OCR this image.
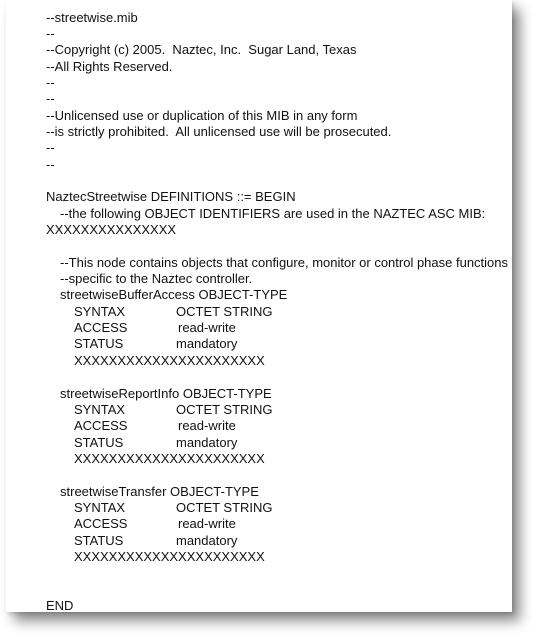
--streetwise.mib
--
--Copyright (c) 2005.  Naztec, Inc.  Sugar Land, Texas
--All Rights Reserved.
--
--
--Unlicensed use or duplication of this MIB in any form
--is strictly prohibited.  All unlicensed use will be prosecuted.
--
--
NaztecStreetwise DEFINITIONS ::= BEGIN
--the following OBJECT IDENTIFIERS are used in the NAZTEC ASC MIB:
XXXXXXXXXXXXXXX
--This node contains objects that configure, monitor or control phase functions
--specific to the Naztec controller.
streetwiseBufferAccess OBJECT-TYPE
SYNTAX	OCTET STRING
ACCESS	read-write
STATUS	mandatory
XXXXXXXXXXXXXXXXXXXXXX
streetwiseReportInfo OBJECT-TYPE
SYNTAX	OCTET STRING
ACCESS	read-write
STATUS	mandatory
XXXXXXXXXXXXXXXXXXXXXX
streetwiseTransfer OBJECT-TYPE
SYNTAX	OCTET STRING
ACCESS	read-write
STATUS	mandatory
XXXXXXXXXXXXXXXXXXXXXX
END
